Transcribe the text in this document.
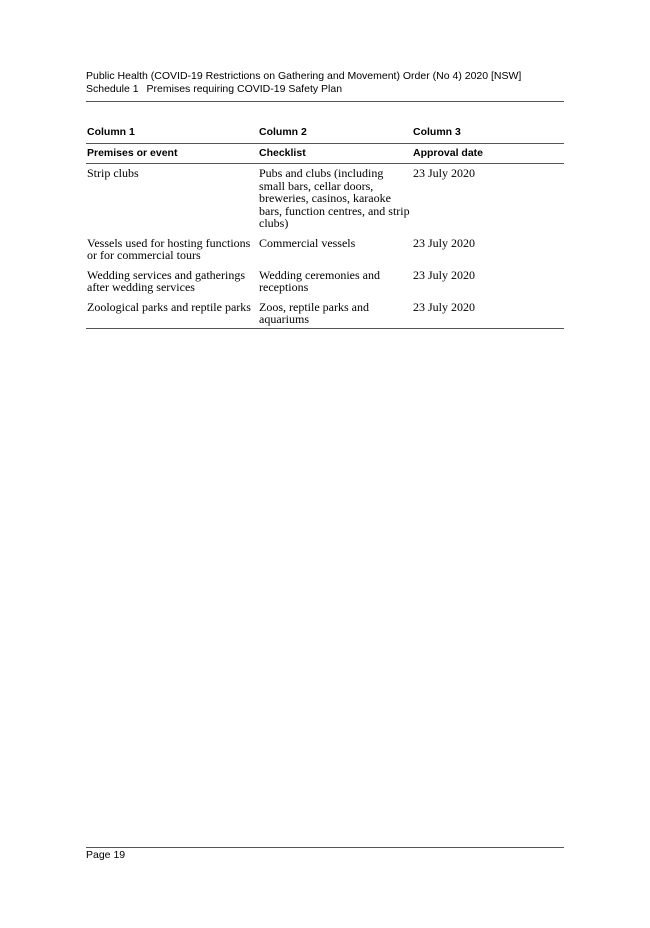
Public Health (COVID-19 Restrictions on Gathering and Movement) Order (No 4) 2020 [NSW]
Schedule 1 Premises requiring COVID-19 Safety Plan
Column 1	Column 2	Column 3
Premises or event	Checklist	Approval date
Strip clubs	Pubs and clubs (including small bars, cellar doors, breweries, casinos, karaoke bars, function centres, and strip clubs)	23 July 2020
Vessels used for hosting functions or for commercial tours	Commercial vessels	23 July 2020
Wedding services and gatherings after wedding services	Wedding ceremonies and receptions	23 July 2020
Zoological parks and reptile parks	Zoos, reptile parks and aquariums	23 July 2020
Page 19
